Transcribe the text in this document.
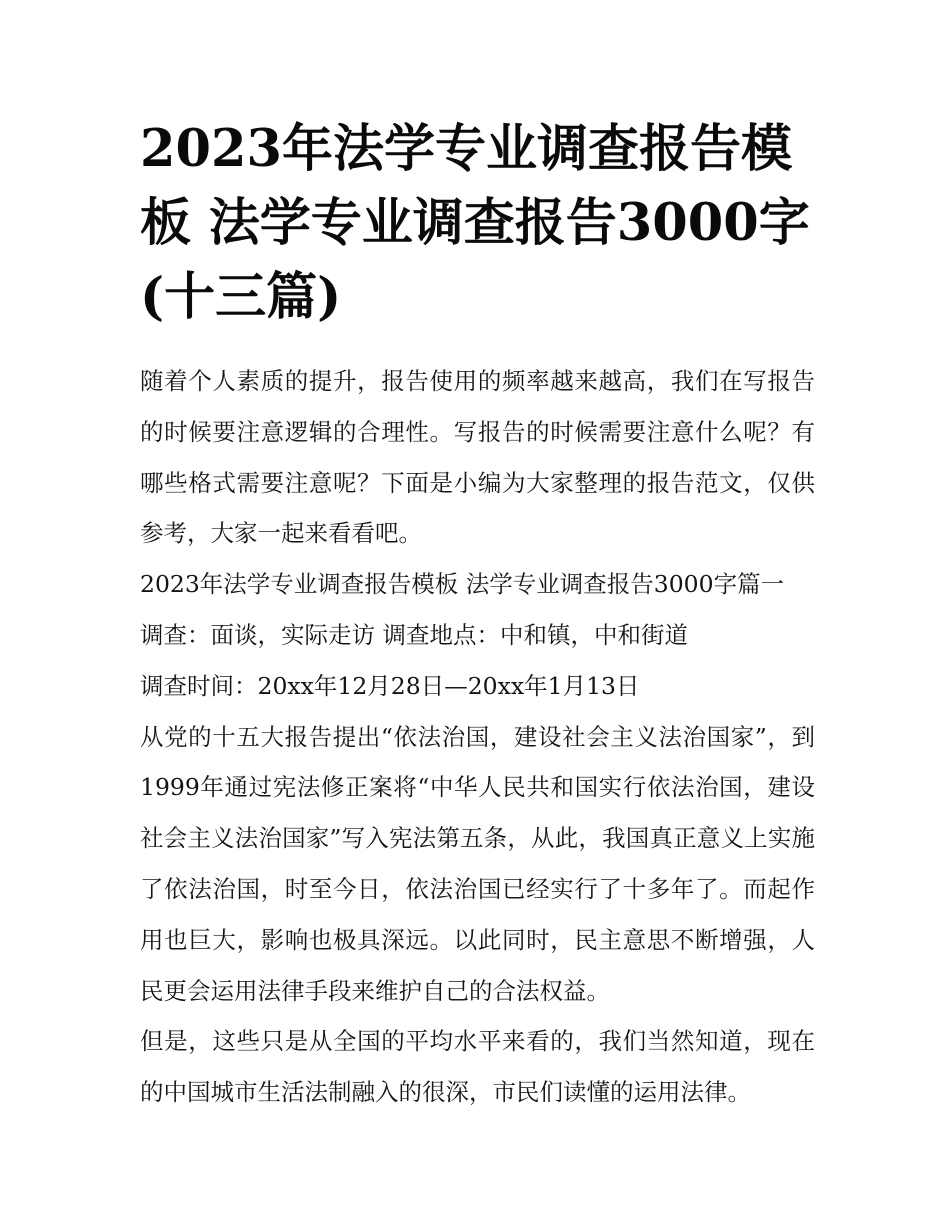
2023年法学专业调查报告模板 法学专业调查报告3000字(十三篇)

随着个人素质的提升，报告使用的频率越来越高，我们在写报告的时候要注意逻辑的合理性。写报告的时候需要注意什么呢？有哪些格式需要注意呢？下面是小编为大家整理的报告范文，仅供参考，大家一起来看看吧。

2023年法学专业调查报告模板 法学专业调查报告3000字篇一

调查：面谈，实际走访 调查地点：中和镇，中和街道

调查时间：20xx年12月28日—20xx年1月13日

从党的十五大报告提出“依法治国，建设社会主义法治国家”，到1999年通过宪法修正案将“中华人民共和国实行依法治国，建设社会主义法治国家”写入宪法第五条，从此，我国真正意义上实施了依法治国，时至今日，依法治国已经实行了十多年了。而起作用也巨大，影响也极具深远。以此同时，民主意思不断增强，人民更会运用法律手段来维护自己的合法权益。

但是，这些只是从全国的平均水平来看的，我们当然知道，现在的中国城市生活法制融入的很深，市民们读懂的运用法律。
